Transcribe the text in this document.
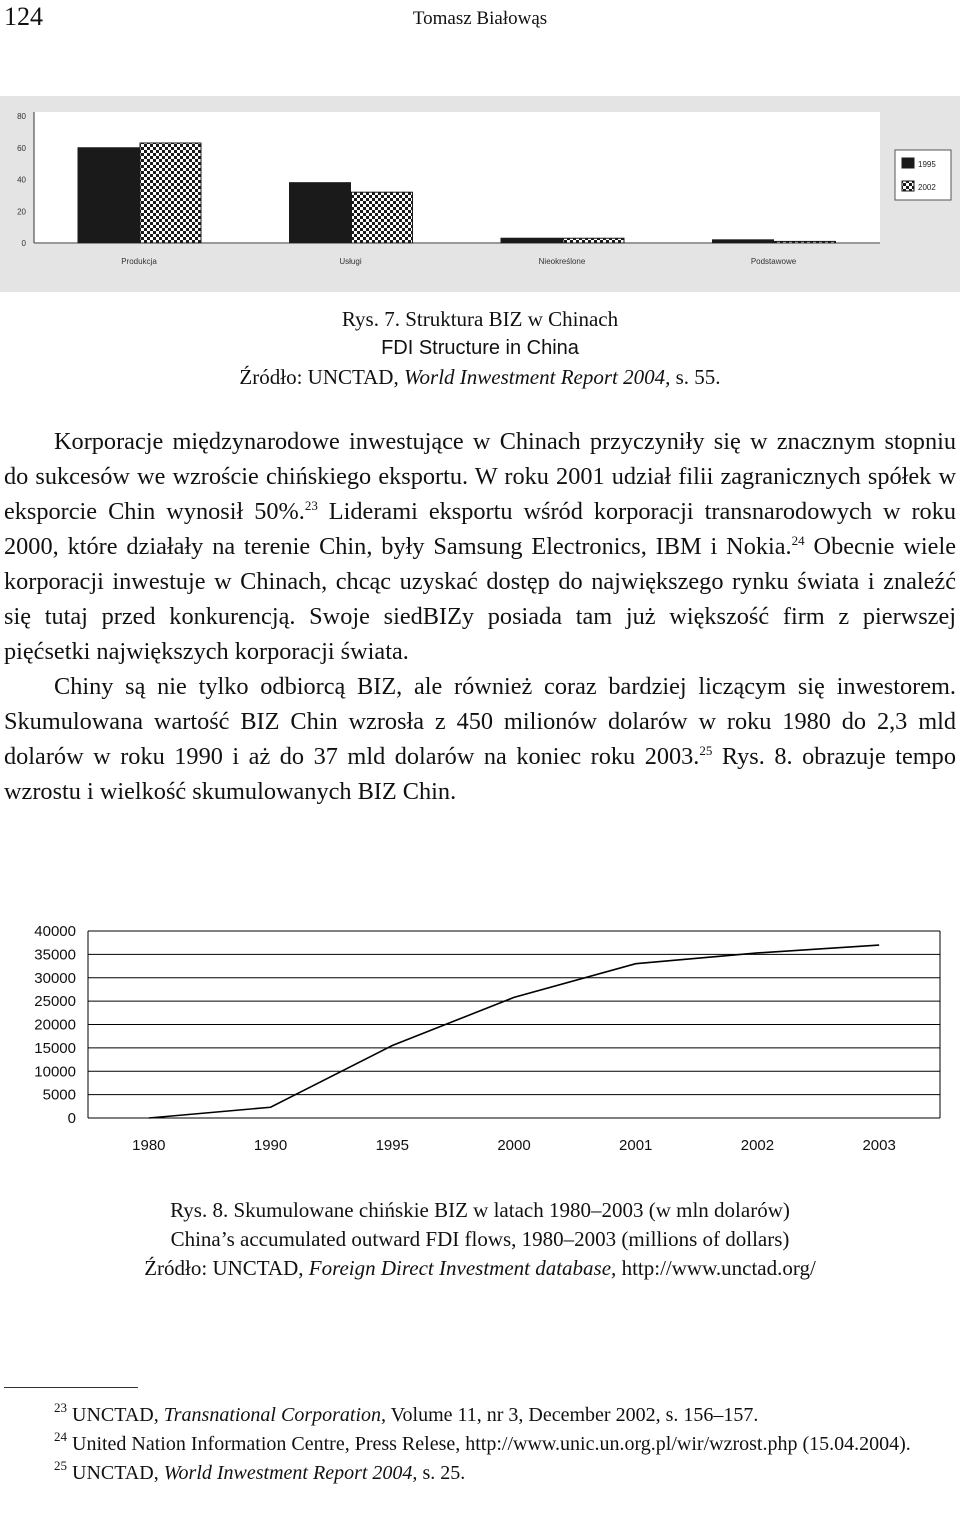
124	Tomasz Białowąs
0
20
40
60
80
Produkcja	Usługi	Nieokreślone	Podstawowe
1995
2002
Rys. 7. Struktura BIZ w Chinach
FDI Structure in China
Źródło: UNCTAD, World Inwestment Report 2004, s. 55.

Korporacje międzynarodowe inwestujące w Chinach przyczyniły się w znacznym stopniu do sukcesów we wzroście chińskiego eksportu. W roku 2001 udział filii zagranicznych spółek w eksporcie Chin wynosił 50%.$^{23}$ Liderami eksportu wśród korporacji transnarodowych w roku 2000, które działały na terenie Chin, były Samsung Electronics, IBM i Nokia.$^{24}$ Obecnie wiele korporacji inwestuje w Chinach, chcąc uzyskać dostęp do największego rynku świata i znaleźć się tutaj przed konkurencją. Swoje siedBIZy posiada tam już większość firm z pierwszej pięćsetki największych korporacji świata.

Chiny są nie tylko odbiorcą BIZ, ale również coraz bardziej liczącym się inwestorem. Skumulowana wartość BIZ Chin wzrosła z 450 milionów dolarów w roku 1980 do 2,3 mld dolarów w roku 1990 i aż do 37 mld dolarów na koniec roku 2003.25 Rys. 8. obrazuje tempo wzrostu i wielkość skumulowanych BIZ Chin.

0
5000
10000
15000
20000
25000
30000
35000
40000
1980	1990	1995	2000	2001	2002	2003
Rys. 8. Skumulowane chińskie BIZ w latach 1980–2003 (w mln dolarów)
China’s accumulated outward FDI flows, 1980–2003 (millions of dollars)
Źródło: UNCTAD, Foreign Direct Investment database, http://www.unctad.org/

$^{23}$ UNCTAD, Transnational Corporation, Volume 11, nr 3, December 2002, s. 156–157.

$^{24}$ United Nation Information Centre, Press Relese, http://www.unic.un.org.pl/wir/wzrost.php (15.04.2004).

$^{25}$ UNCTAD, World Inwestment Report 2004, s. 25.
